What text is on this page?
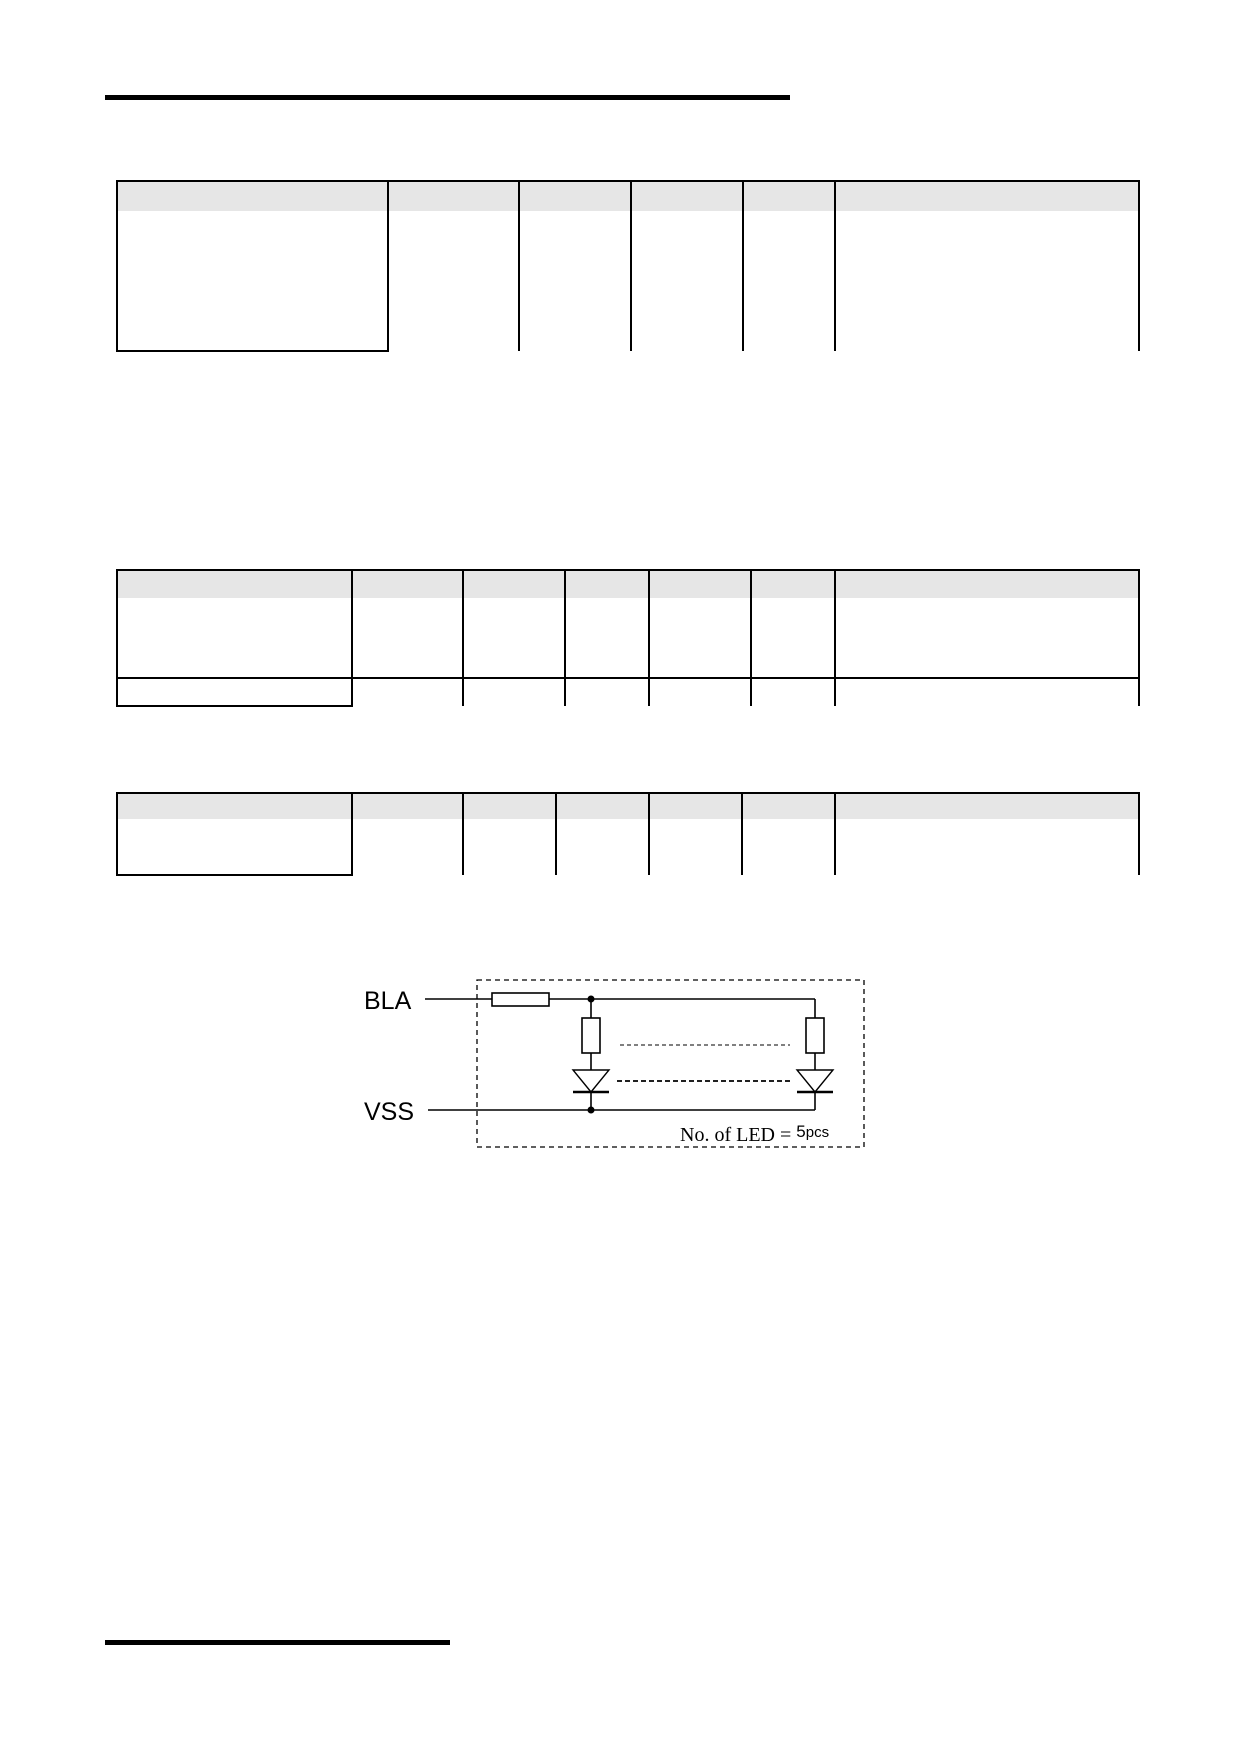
BLA
VSS
No. of LED = $^5$pcs
